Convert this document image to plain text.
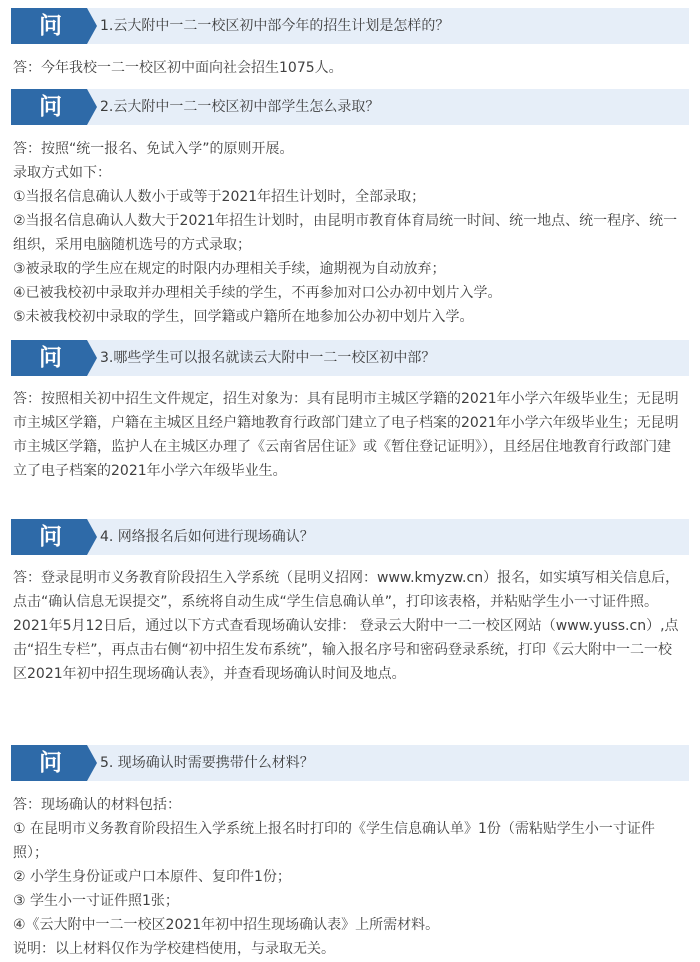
问	1.云大附中一二一校区初中部今年的招生计划是怎样的？

答：今年我校一二一校区初中面向社会招生1075人。

问	2.云大附中一二一校区初中部学生怎么录取？

答：按照“统一报名、免试入学”的原则开展。

录取方式如下：

①当报名信息确认人数小于或等于2021年招生计划时，全部录取；

②当报名信息确认人数大于2021年招生计划时，由昆明市教育体育局统一时间、统一地点、统一程序、统一组织，采用电脑随机选号的方式录取；

③被录取的学生应在规定的时限内办理相关手续，逾期视为自动放弃；

④已被我校初中录取并办理相关手续的学生，不再参加对口公办初中划片入学。

⑤未被我校初中录取的学生，回学籍或户籍所在地参加公办初中划片入学。

问	3.哪些学生可以报名就读云大附中一二一校区初中部？

答：按照相关初中招生文件规定，招生对象为：具有昆明市主城区学籍的2021年小学六年级毕业生；无昆明市主城区学籍，户籍在主城区且经户籍地教育行政部门建立了电子档案的2021年小学六年级毕业生；无昆明市主城区学籍，监护人在主城区办理了《云南省居住证》或《暂住登记证明》），且经居住地教育行政部门建立了电子档案的2021年小学六年级毕业生。

问	4. 网络报名后如何进行现场确认？

答：登录昆明市义务教育阶段招生入学系统（昆明义招网：www.kmyzw.cn）报名，如实填写相关信息后，点击“确认信息无误提交”，系统将自动生成“学生信息确认单”，打印该表格，并粘贴学生小一寸证件照。

2021年5月12日后，通过以下方式查看现场确认安排： 登录云大附中一二一校区网站（www.yuss.cn）,点击“招生专栏”，再点击右侧“初中招生发布系统”，输入报名序号和密码登录系统，打印《云大附中一二一校区2021年初中招生现场确认表》，并查看现场确认时间及地点。

问	5. 现场确认时需要携带什么材料？

答：现场确认的材料包括：

① 在昆明市义务教育阶段招生入学系统上报名时打印的《学生信息确认单》1份（需粘贴学生小一寸证件照）；

② 小学生身份证或户口本原件、复印件1份；

③ 学生小一寸证件照1张；

④《云大附中一二一校区2021年初中招生现场确认表》上所需材料。

说明：以上材料仅作为学校建档使用，与录取无关。
